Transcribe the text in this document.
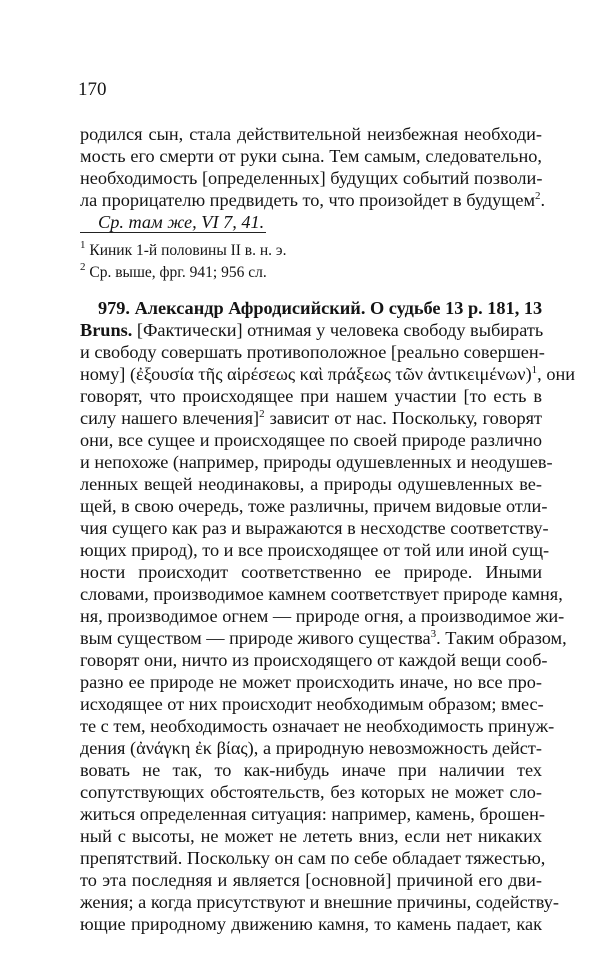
170
родился сын, стала действительной неизбежная необходи-
мость его смерти от руки сына. Тем самым, следовательно,
необходимость [определенных] будущих событий позволи-
ла прорицателю предвидеть то, что произойдет в будущем$^2$.
Ср. там же, VI 7, 41.
$^1$ Киник 1-й половины II в. н. э.
$^2$ Ср. выше, фрг. 941; 956 сл.
979. Александр Афродисийский. О судьбе 13 р. 181, 13
Bruns. [Фактически] отнимая у человека свободу выбирать
и свободу совершать противоположное [реально совершен-
ному] (ἐξουσία τῆς αἱρέσεως καὶ πράξεως τῶν ἀντικειμένων)$^1$, они
говорят, что происходящее при нашем участии [то есть в
силу нашего влечения]$^2$ зависит от нас. Поскольку, говорят
они, все сущее и происходящее по своей природе различно
и непохоже (например, природы одушевленных и неодушев-
ленных вещей неодинаковы, а природы одушевленных ве-
щей, в свою очередь, тоже различны, причем видовые отли-
чия сущего как раз и выражаются в несходстве соответству-
ющих природ), то и все происходящее от той или иной сущ-
ности происходит соответственно ее природе. Иными
словами, производимое камнем соответствует природе камня,
ня, производимое огнем — природе огня, а производимое жи-
вым существом — природе живого существа$^3$. Таким образом,
говорят они, ничто из происходящего от каждой вещи сооб-
разно ее природе не может происходить иначе, но все про-
исходящее от них происходит необходимым образом; вмес-
те с тем, необходимость означает не необходимость принуж-
дения (ἀνάγκη ἐκ βίας), а природную невозможность дейст-
вовать не так, то как-нибудь иначе при наличии тех
сопутствующих обстоятельств, без которых не может сло-
житься определенная ситуация: например, камень, брошен-
ный с высоты, не может не лететь вниз, если нет никаких
препятствий. Поскольку он сам по себе обладает тяжестью,
то эта последняя и является [основной] причиной его дви-
жения; а когда присутствуют и внешние причины, содейству-
ющие природному движению камня, то камень падает, как
